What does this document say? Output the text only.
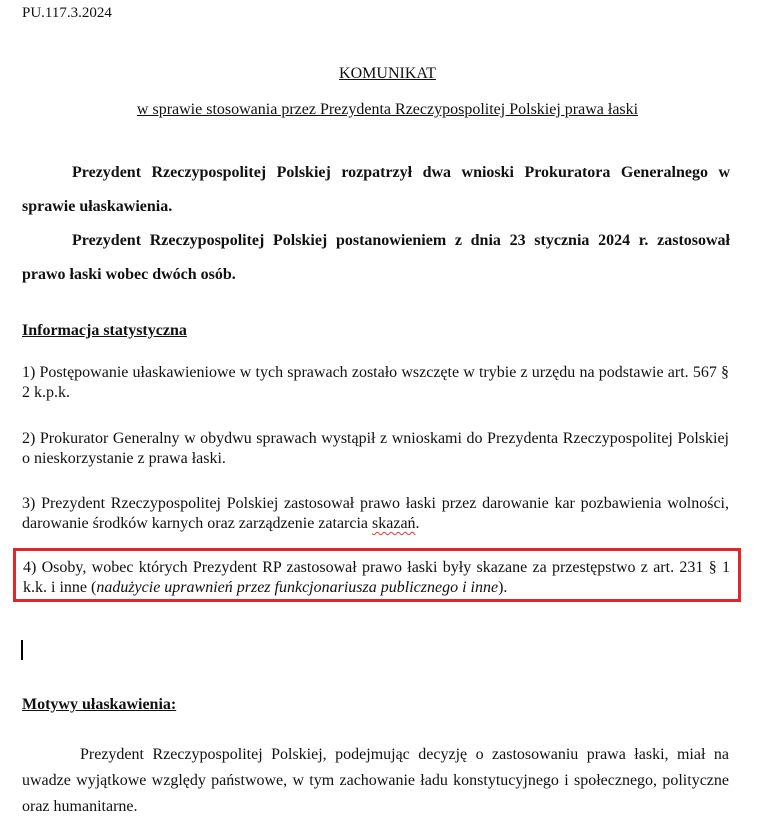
PU.117.3.2024
KOMUNIKAT
w sprawie stosowania przez Prezydenta Rzeczypospolitej Polskiej prawa łaski
Prezydent Rzeczypospolitej Polskiej rozpatrzył dwa wnioski Prokuratora Generalnego w sprawie ułaskawienia.
Prezydent Rzeczypospolitej Polskiej postanowieniem z dnia 23 stycznia 2024 r. zastosował prawo łaski wobec dwóch osób.
Informacja statystyczna
1) Postępowanie ułaskawieniowe w tych sprawach zostało wszczęte w trybie z urzędu na podstawie art. 567 § 2 k.p.k.
2) Prokurator Generalny w obydwu sprawach wystąpił z wnioskami do Prezydenta Rzeczypospolitej Polskiej o nieskorzystanie z prawa łaski.
3) Prezydent Rzeczypospolitej Polskiej zastosował prawo łaski przez darowanie kar pozbawienia wolności, darowanie środków karnych oraz zarządzenie zatarcia skazań.
4) Osoby, wobec których Prezydent RP zastosował prawo łaski były skazane za przestępstwo z art. 231 § 1 k.k. i inne (nadużycie uprawnień przez funkcjonariusza publicznego i inne).
Motywy ułaskawienia:
Prezydent Rzeczypospolitej Polskiej, podejmując decyzję o zastosowaniu prawa łaski, miał na uwadze wyjątkowe względy państwowe, w tym zachowanie ładu konstytucyjnego i społecznego, polityczne oraz humanitarne.
